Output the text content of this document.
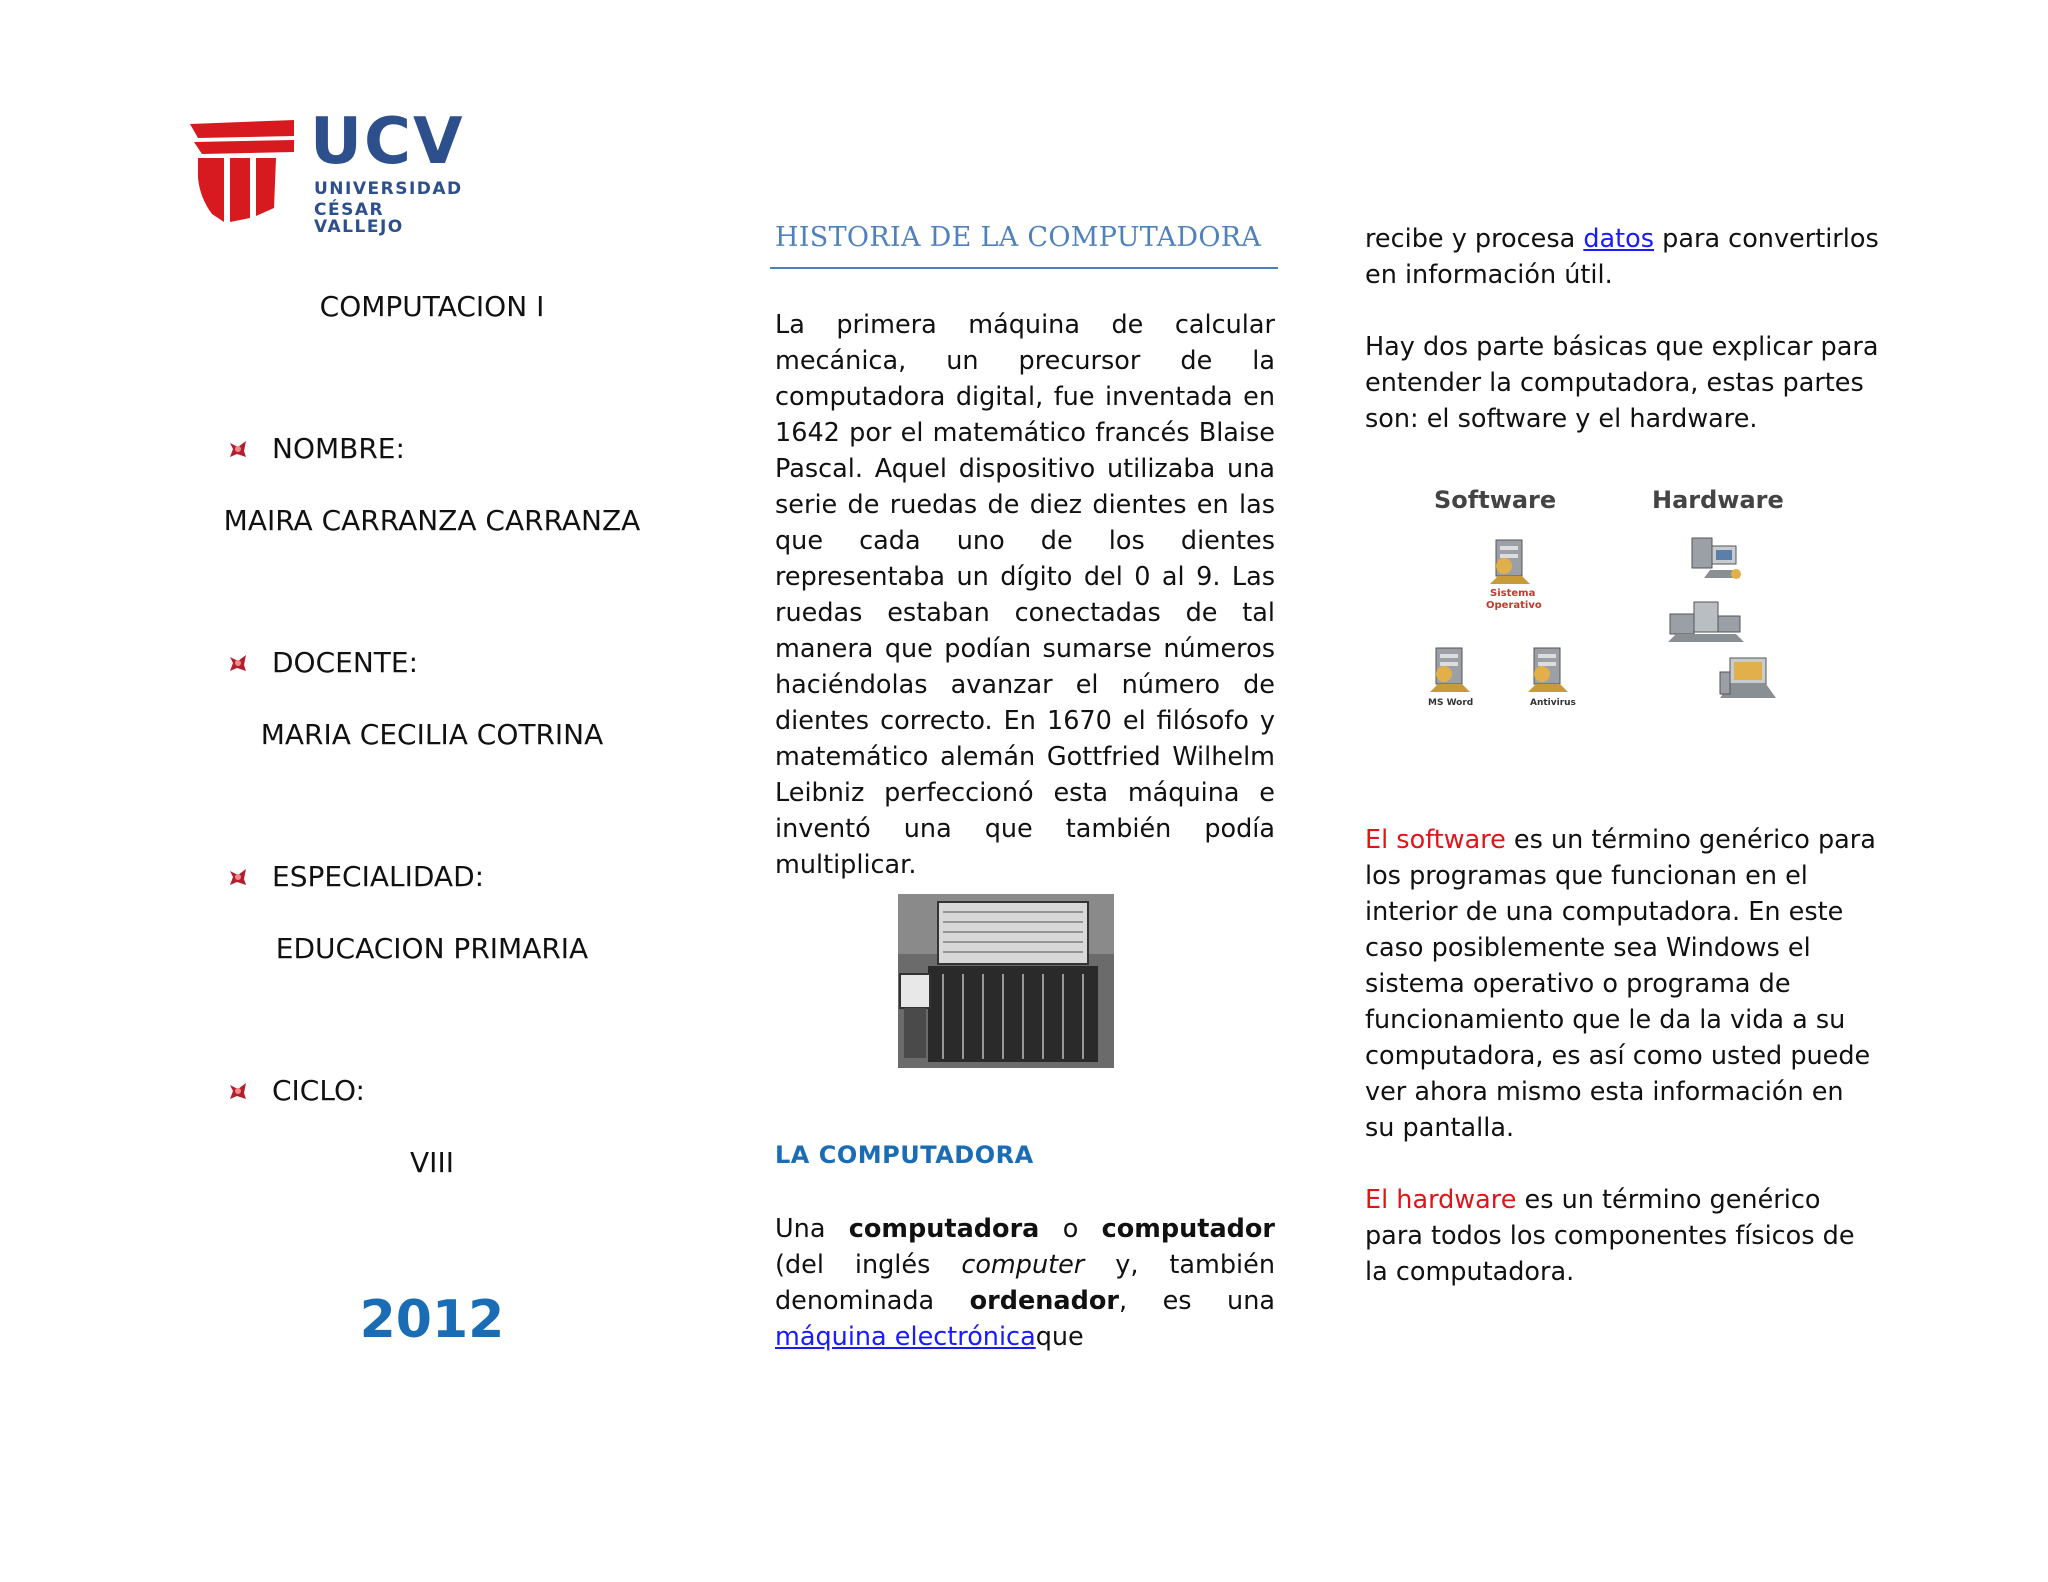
UCV
UNIVERSIDAD
CÉSAR VALLEJO
COMPUTACION I
NOMBRE:
MAIRA CARRANZA CARRANZA
DOCENTE:
MARIA CECILIA COTRINA
ESPECIALIDAD:
EDUCACION PRIMARIA
CICLO:
VIII
2012
HISTORIA DE LA COMPUTADORA
La primera máquina de calcular mecánica, un precursor de la computadora digital, fue inventada en 1642 por el matemático francés Blaise Pascal. Aquel dispositivo utilizaba una serie de ruedas de diez dientes en las que cada uno de los dientes representaba un dígito del 0 al 9. Las ruedas estaban conectadas de tal manera que podían sumarse números haciéndolas avanzar el número de dientes correcto. En 1670 el filósofo y matemático alemán Gottfried Wilhelm Leibniz perfeccionó esta máquina e inventó una que también podía multiplicar.
LA COMPUTADORA
Una computadora o computador (del inglés computer y, también denominada ordenador, es una máquina electrónicaque
recibe y procesa datos para convertirlos en información útil.
Hay dos parte básicas que explicar para entender la computadora, estas partes son: el software y el hardware.
Software	Hardware
Sistema
Operativo
MS Word	Antivirus
El software es un término genérico para los programas que funcionan en el interior de una computadora. En este caso posiblemente sea Windows el sistema operativo o programa de funcionamiento que le da la vida a su computadora, es así como usted puede ver ahora mismo esta información en su pantalla.
El hardware es un término genérico para todos los componentes físicos de la computadora.
